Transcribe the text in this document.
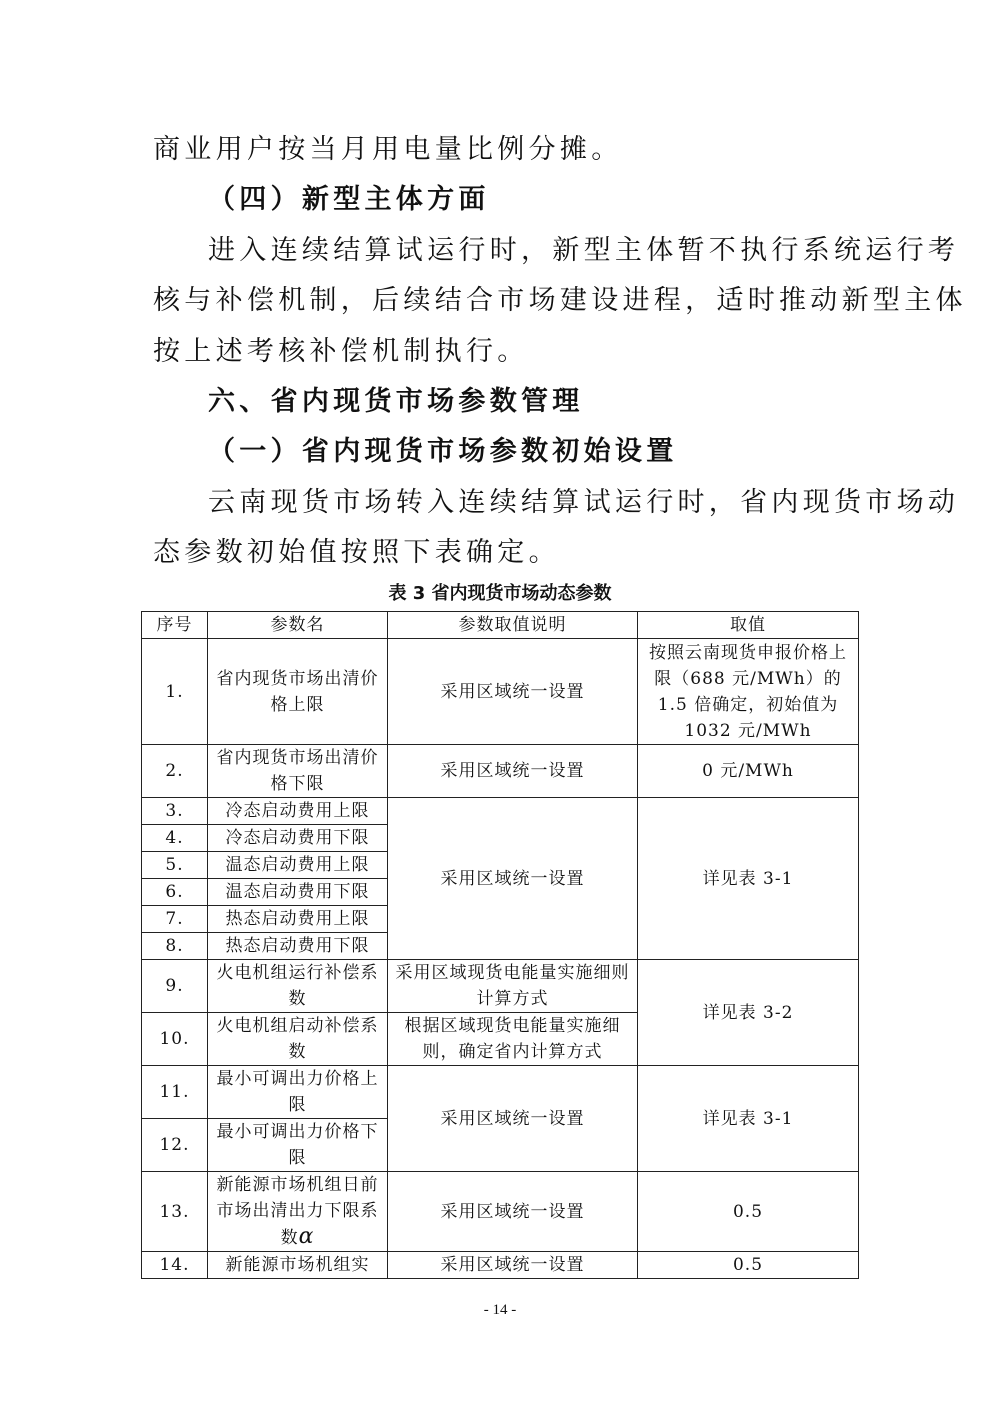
商业用户按当月用电量比例分摊。
（四）新型主体方面
进入连续结算试运行时，新型主体暂不执行系统运行考
核与补偿机制，后续结合市场建设进程，适时推动新型主体
按上述考核补偿机制执行。
六、省内现货市场参数管理
（一）省内现货市场参数初始设置
云南现货市场转入连续结算试运行时，省内现货市场动
态参数初始值按照下表确定。
表 3 省内现货市场动态参数
序号	参数名	参数取值说明	取值
1.	省内现货市场出清价格上限	采用区域统一设置	按照云南现货申报价格上限（688 元/MWh）的 1.5 倍确定，初始值为 1032 元/MWh
2.	省内现货市场出清价格下限	采用区域统一设置	0 元/MWh
3.	冷态启动费用上限	采用区域统一设置	详见表 3-1
4.	冷态启动费用下限		
5.	温态启动费用上限		
6.	温态启动费用下限		
7.	热态启动费用上限		
8.	热态启动费用下限		
9.	火电机组运行补偿系数	采用区域现货电能量实施细则计算方式	详见表 3-2
10.	火电机组启动补偿系数	根据区域现货电能量实施细则，确定省内计算方式	
11.	最小可调出力价格上限	采用区域统一设置	详见表 3-1
12.	最小可调出力价格下限		
13.	新能源市场机组日前市场出清出力下限系数α	采用区域统一设置	0.5
14.	新能源市场机组实	采用区域统一设置	0.5
- 14 -
